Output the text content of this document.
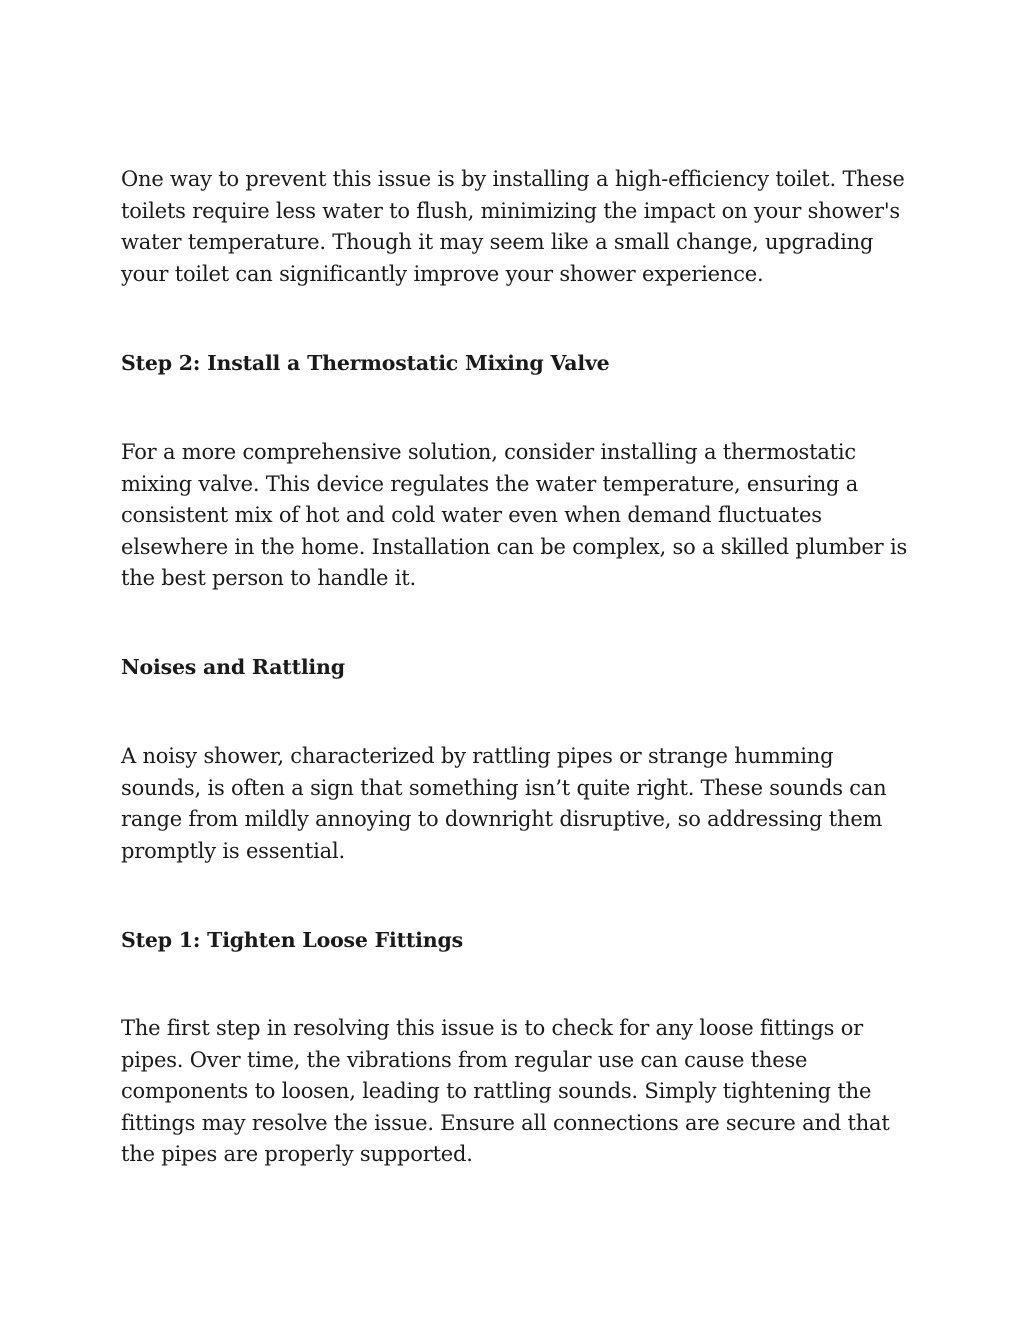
One way to prevent this issue is by installing a high-efficiency toilet. These toilets require less water to flush, minimizing the impact on your shower's water temperature. Though it may seem like a small change, upgrading your toilet can significantly improve your shower experience.

Step 2: Install a Thermostatic Mixing Valve

For a more comprehensive solution, consider installing a thermostatic mixing valve. This device regulates the water temperature, ensuring a consistent mix of hot and cold water even when demand fluctuates elsewhere in the home. Installation can be complex, so a skilled plumber is the best person to handle it.

Noises and Rattling

A noisy shower, characterized by rattling pipes or strange humming sounds, is often a sign that something isn’t quite right. These sounds can range from mildly annoying to downright disruptive, so addressing them promptly is essential.

Step 1: Tighten Loose Fittings

The first step in resolving this issue is to check for any loose fittings or pipes. Over time, the vibrations from regular use can cause these components to loosen, leading to rattling sounds. Simply tightening the fittings may resolve the issue. Ensure all connections are secure and that the pipes are properly supported.
